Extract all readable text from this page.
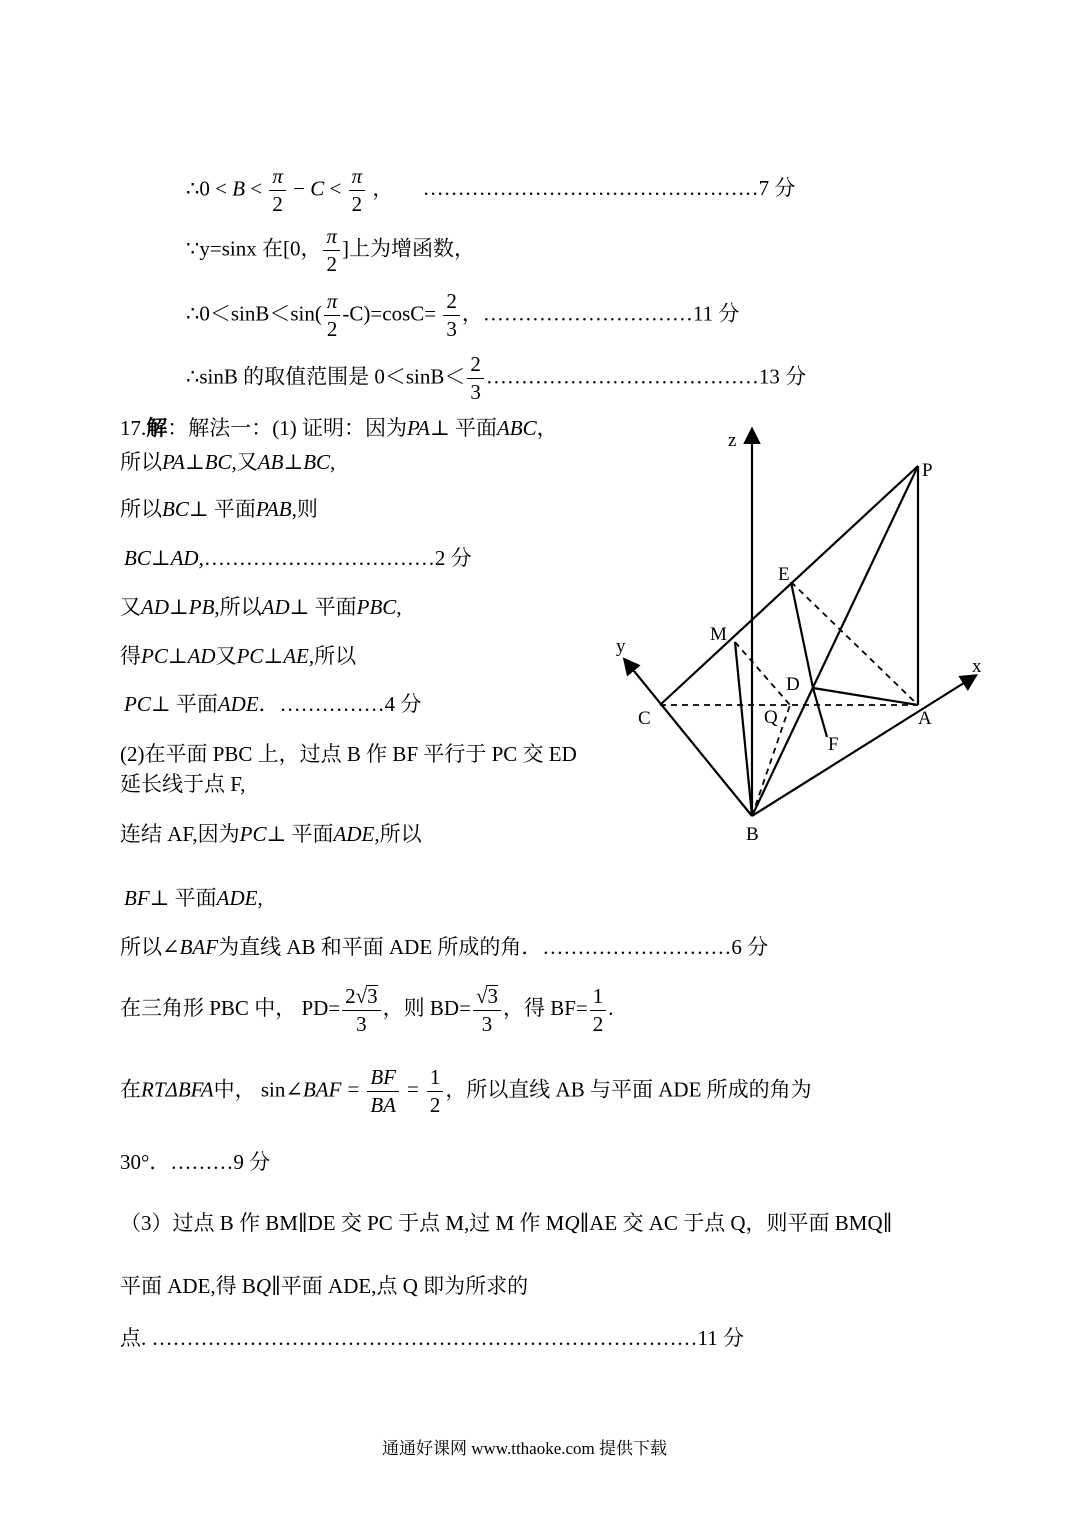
∴0 < $B < \frac{\pi}{2} - C < \frac{\pi}{2}$ ， …………………………………………7 分
∵y=sinx 在[0， $\frac{\pi}{2}$ ]上为增函数，
∴0＜sinB＜sin( $\frac{\pi}{2} -C)=\cos C= \frac{2}{3}$ ，…………………………11 分
∴sinB 的取值范围是 $0<\sin B< \frac{2}{3}$ …………………………………13 分
17.解：解法一：(1) 证明：因为PA⊥ 平面ABC，
所以PA⊥BC,又AB⊥BC,
所以BC⊥ 平面PAB,则
BC⊥AD,……………………………2 分
又AD⊥PB,所以AD⊥ 平面PBC,
得PC⊥AD又PC⊥AE,所以
PC⊥ 平面ADE．……………4 分
(2)在平面 PBC 上，过点 B 作 BF 平行于 PC 交 ED
延长线于点 F,
连结 AF,因为PC⊥ 平面ADE,所以
BF⊥ 平面ADE,
所以∠BAF为直线 AB 和平面 ADE 所成的角．………………………6 分
在三角形 PBC 中， $PD= \frac{2√3}{3}$ ，则 $BD= \frac{√3}{3}$ ，得 $BF= \frac{1}{2}$ .
在RTΔBFA中， sin∠BAF = $\frac{BF}{BA} = \frac{1}{2}$ ，所以直线 AB 与平面 ADE 所成的角为
30°．………9 分
（3）过点 B 作 BM∥DE 交 PC 于点 M,过 M 作 MQ∥AE 交 AC 于点 Q，则平面 BMQ∥
平面 ADE,得 BQ∥平面 ADE,点 Q 即为所求的
点. ……………………………………………………………………11 分
通通好课网 www.tthaoke.com 提供下载
z
y
x
P
E
M
D
C	Q	A
F
B
